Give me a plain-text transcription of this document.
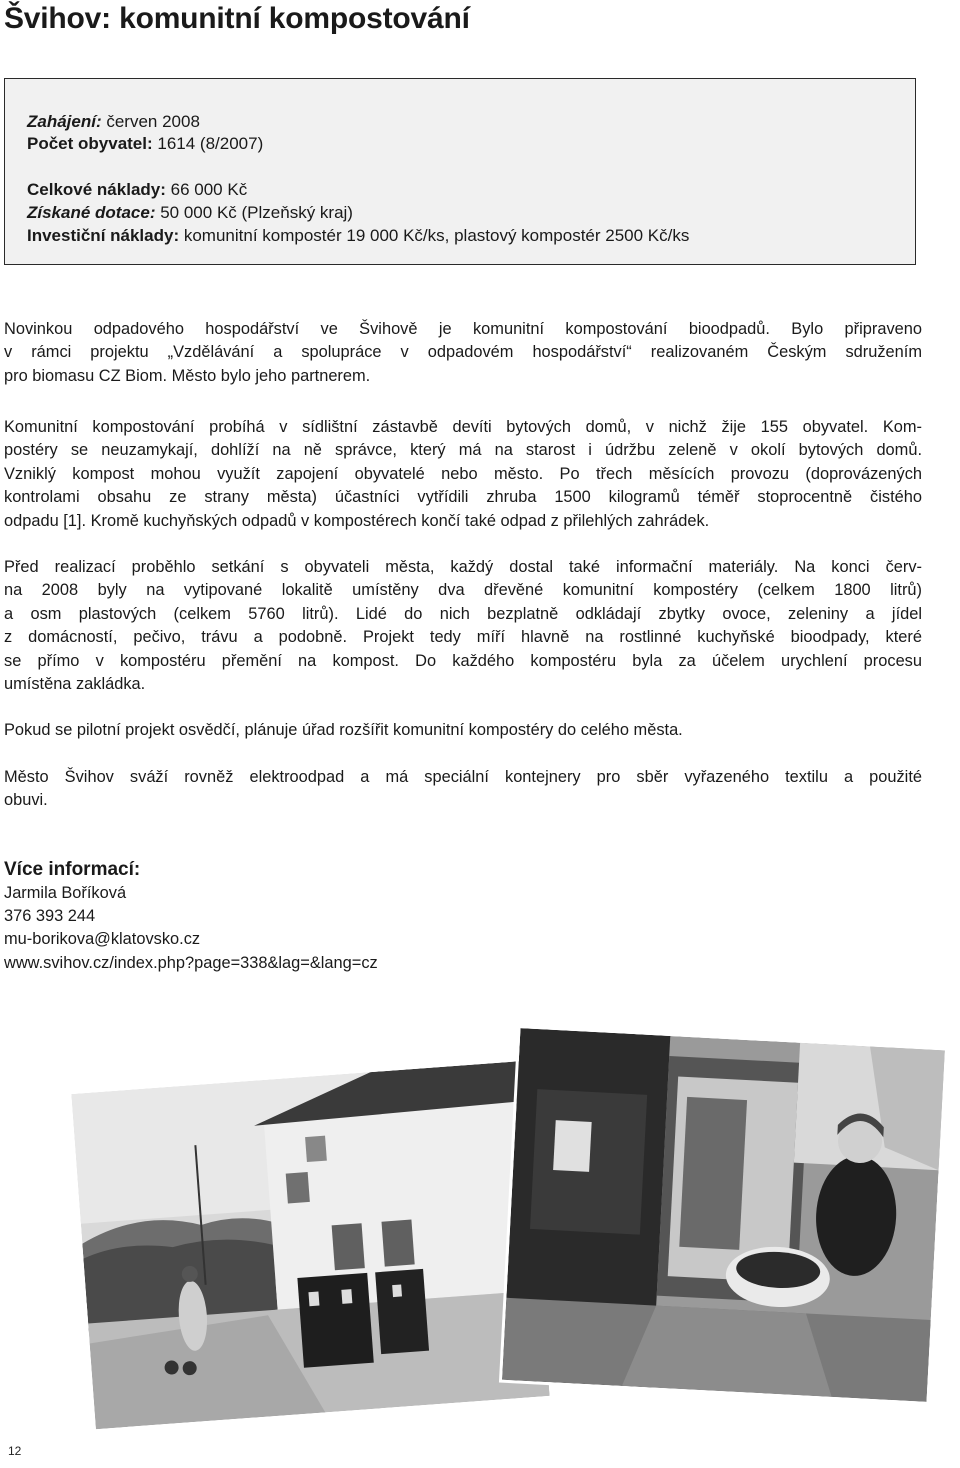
Švihov: komunitní kompostování
Zahájení: červen 2008
Počet obyvatel: 1614 (8/2007)
Celkové náklady: 66 000 Kč
Získané dotace: 50 000 Kč (Plzeňský kraj)
Investiční náklady: komunitní kompostér 19 000 Kč/ks, plastový kompostér 2500 Kč/ks

Novinkou odpadového hospodářství ve Švihově je komunitní kompostování bioodpadů. Bylo připraveno
v rámci projektu „Vzdělávání a spolupráce v odpadovém hospodářství“ realizovaném Českým sdružením
pro biomasu CZ Biom. Město bylo jeho partnerem.

Komunitní kompostování probíhá v sídlištní zástavbě devíti bytových domů, v nichž žije 155 obyvatel. Kom-
postéry se neuzamykají, dohlíží na ně správce, který má na starost i údržbu zeleně v okolí bytových domů.
Vzniklý kompost mohou využít zapojení obyvatelé nebo město. Po třech měsících provozu (doprovázených
kontrolami obsahu ze strany města) účastníci vytřídili zhruba 1500 kilogramů téměř stoprocentně čistého
odpadu [1]. Kromě kuchyňských odpadů v kompostérech končí také odpad z přilehlých zahrádek.

Před realizací proběhlo setkání s obyvateli města, každý dostal také informační materiály. Na konci červ-
na 2008 byly na vytipované lokalitě umístěny dva dřevěné komunitní kompostéry (celkem 1800 litrů)
a osm plastových (celkem 5760 litrů). Lidé do nich bezplatně odkládají zbytky ovoce, zeleniny a jídel
z domácností, pečivo, trávu a podobně. Projekt tedy míří hlavně na rostlinné kuchyňské bioodpady, které
se přímo v kompostéru přemění na kompost. Do každého kompostéru byla za účelem urychlení procesu
umístěna zakládka.

Pokud se pilotní projekt osvědčí, plánuje úřad rozšířit komunitní kompostéry do celého města.

Město Švihov sváží rovněž elektroodpad a má speciální kontejnery pro sběr vyřazeného textilu a použité
obuvi.

Více informací:
Jarmila Boříková
376 393 244
mu-borikova@klatovsko.cz
www.svihov.cz/index.php?page=338&lag=&lang=cz
12
